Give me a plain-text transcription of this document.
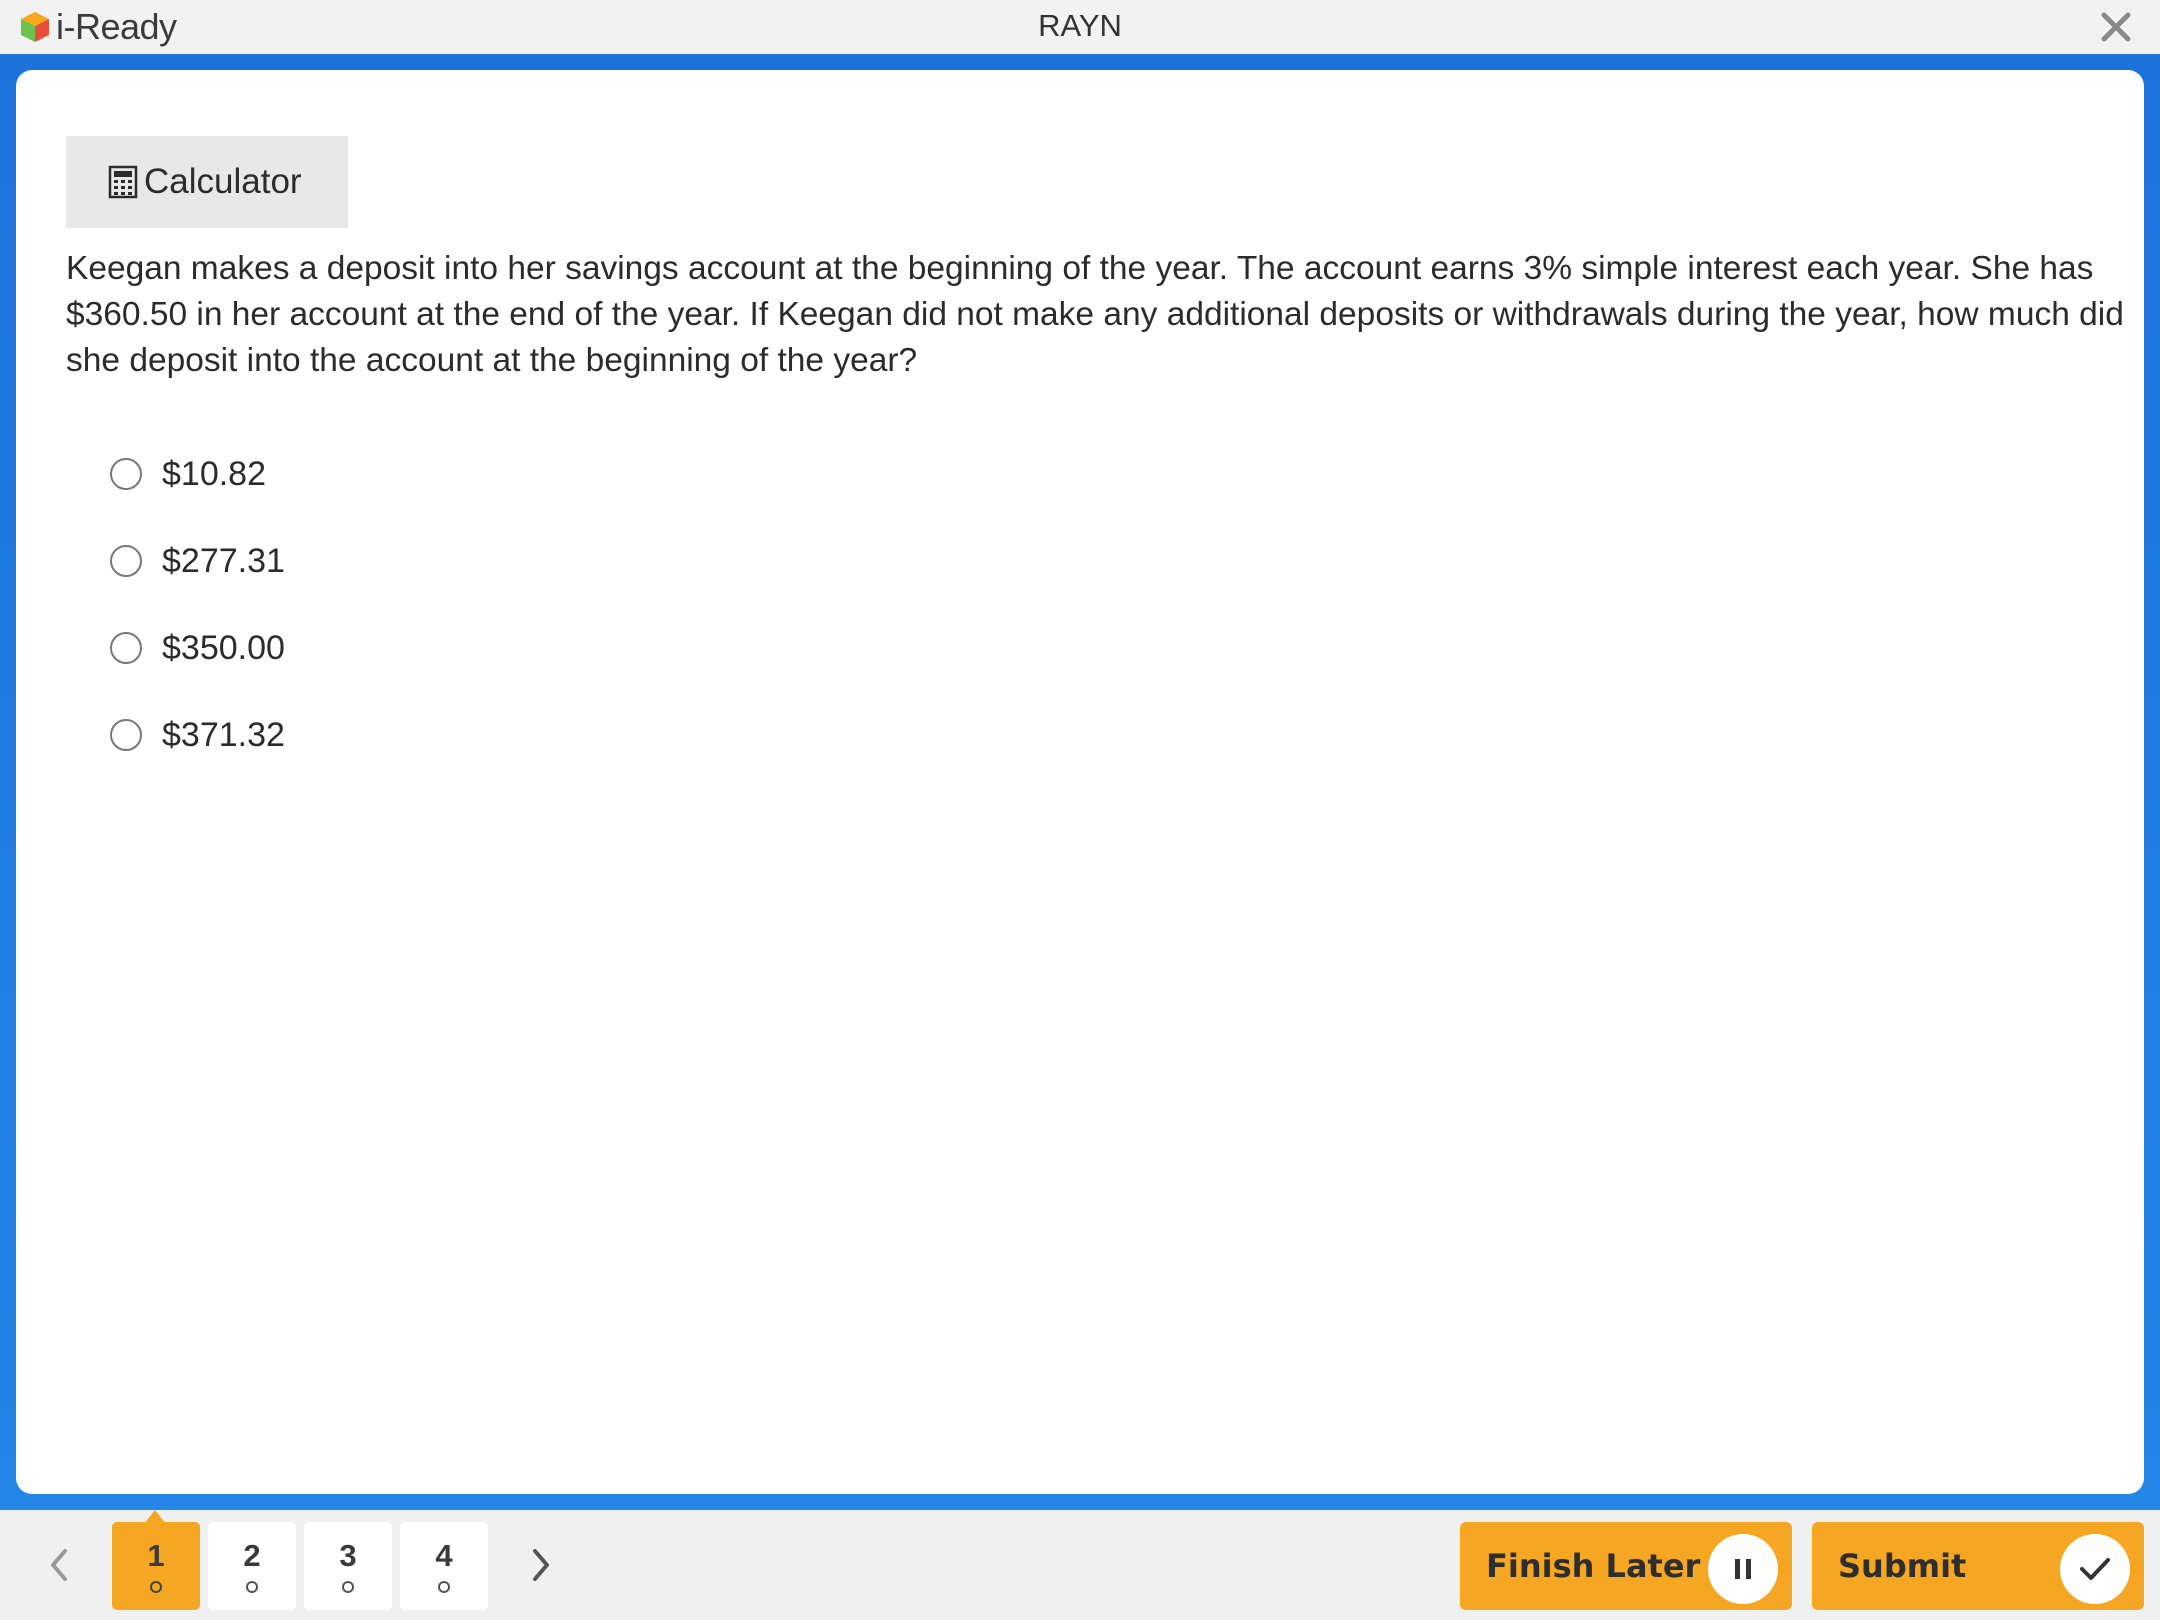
i-Ready	RAYN
Calculator

Keegan makes a deposit into her savings account at the beginning of the year. The account earns 3% simple interest each year. She has $360.50 in her account at the end of the year. If Keegan did not make any additional deposits or withdrawals during the year, how much did she deposit into the account at the beginning of the year?

$10.82
$277.31
$350.00
$371.32
1	2	3	4	Finish Later	Submit
